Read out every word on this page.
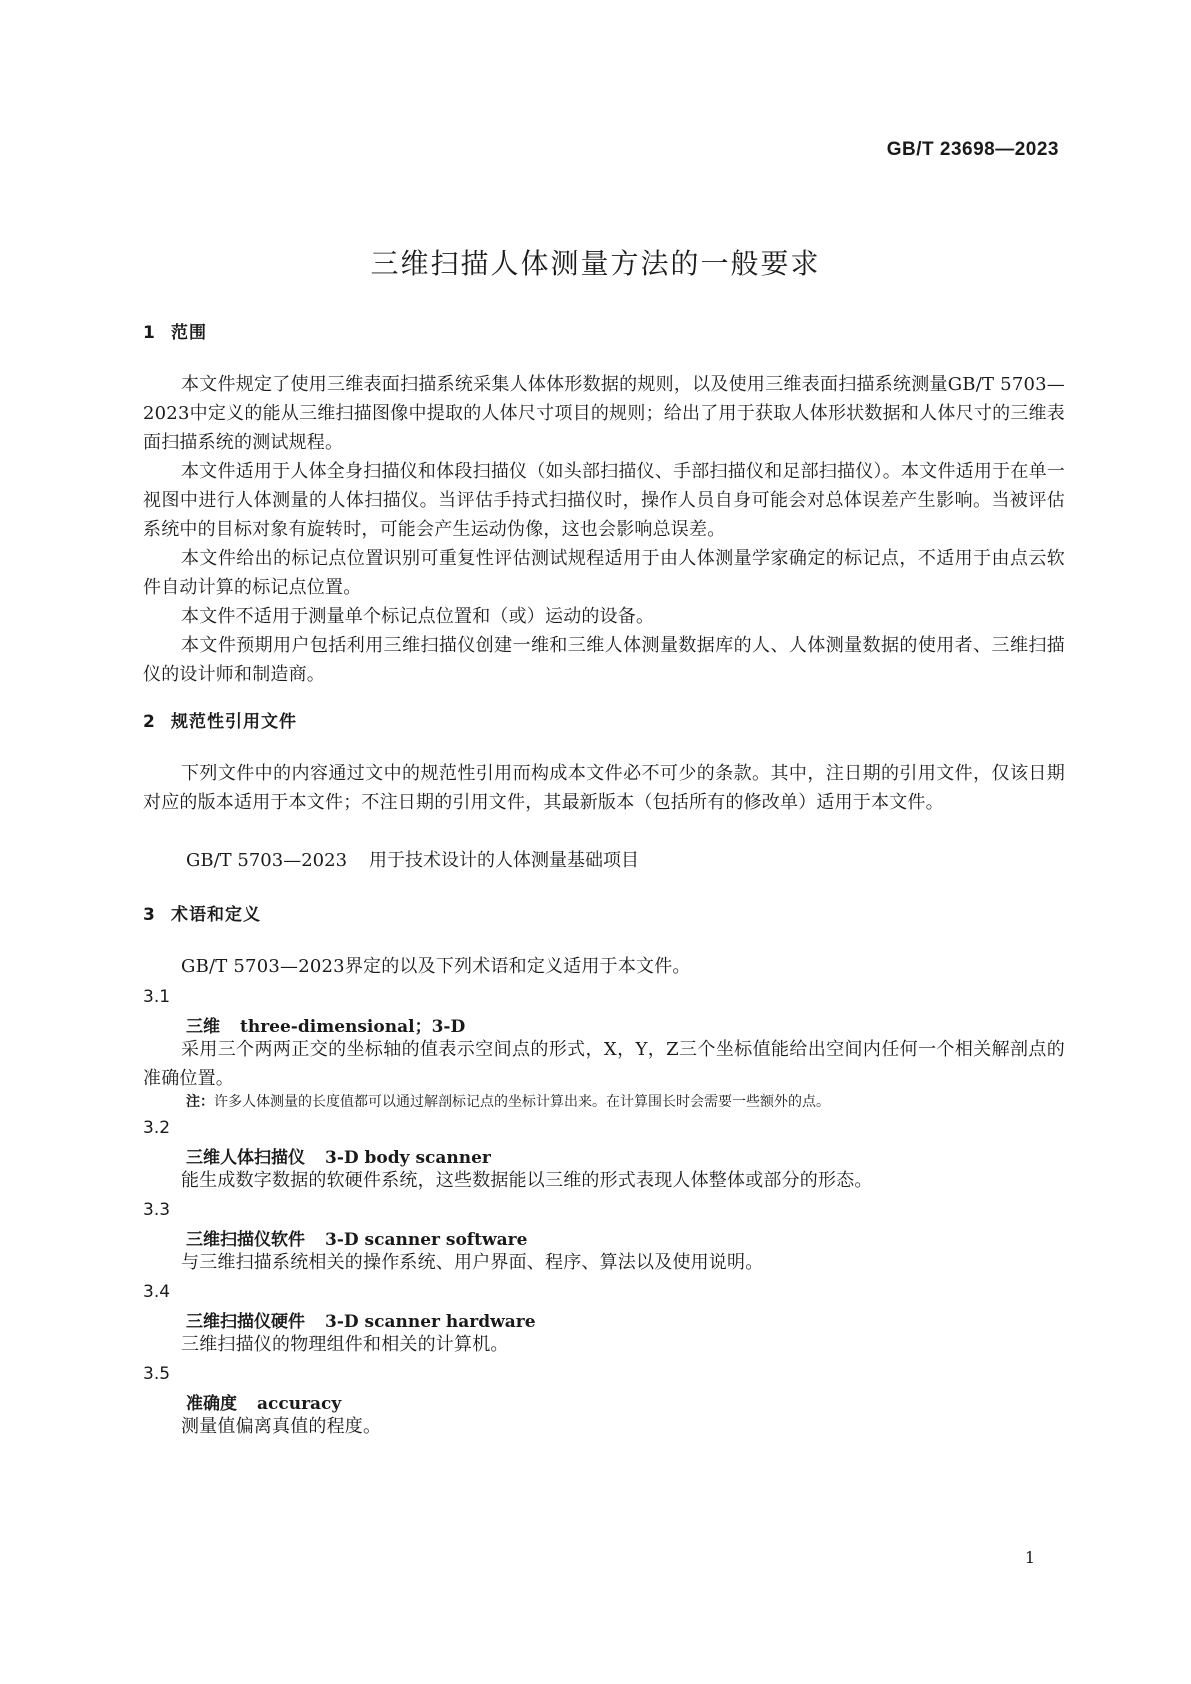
GB/T 23698—2023
三维扫描人体测量方法的一般要求
1 范围
本文件规定了使用三维表面扫描系统采集人体体形数据的规则，以及使用三维表面扫描系统测量GB/T 5703—2023中定义的能从三维扫描图像中提取的人体尺寸项目的规则；给出了用于获取人体形状数据和人体尺寸的三维表面扫描系统的测试规程。
本文件适用于人体全身扫描仪和体段扫描仪（如头部扫描仪、手部扫描仪和足部扫描仪）。本文件适用于在单一视图中进行人体测量的人体扫描仪。当评估手持式扫描仪时，操作人员自身可能会对总体误差产生影响。当被评估系统中的目标对象有旋转时，可能会产生运动伪像，这也会影响总误差。
本文件给出的标记点位置识别可重复性评估测试规程适用于由人体测量学家确定的标记点，不适用于由点云软件自动计算的标记点位置。
本文件不适用于测量单个标记点位置和（或）运动的设备。
本文件预期用户包括利用三维扫描仪创建一维和三维人体测量数据库的人、人体测量数据的使用者、三维扫描仪的设计师和制造商。
2 规范性引用文件
下列文件中的内容通过文中的规范性引用而构成本文件必不可少的条款。其中，注日期的引用文件，仅该日期对应的版本适用于本文件；不注日期的引用文件，其最新版本（包括所有的修改单）适用于本文件。
GB/T 5703—2023 用于技术设计的人体测量基础项目
3 术语和定义
GB/T 5703—2023界定的以及下列术语和定义适用于本文件。
3.1
三维 three-dimensional；3-D
采用三个两两正交的坐标轴的值表示空间点的形式，X，Y，Z三个坐标值能给出空间内任何一个相关解剖点的准确位置。
注：许多人体测量的长度值都可以通过解剖标记点的坐标计算出来。在计算围长时会需要一些额外的点。
3.2
三维人体扫描仪 3-D body scanner
能生成数字数据的软硬件系统，这些数据能以三维的形式表现人体整体或部分的形态。
3.3
三维扫描仪软件 3-D scanner software
与三维扫描系统相关的操作系统、用户界面、程序、算法以及使用说明。
3.4
三维扫描仪硬件 3-D scanner hardware
三维扫描仪的物理组件和相关的计算机。
3.5
准确度 accuracy
测量值偏离真值的程度。
1
